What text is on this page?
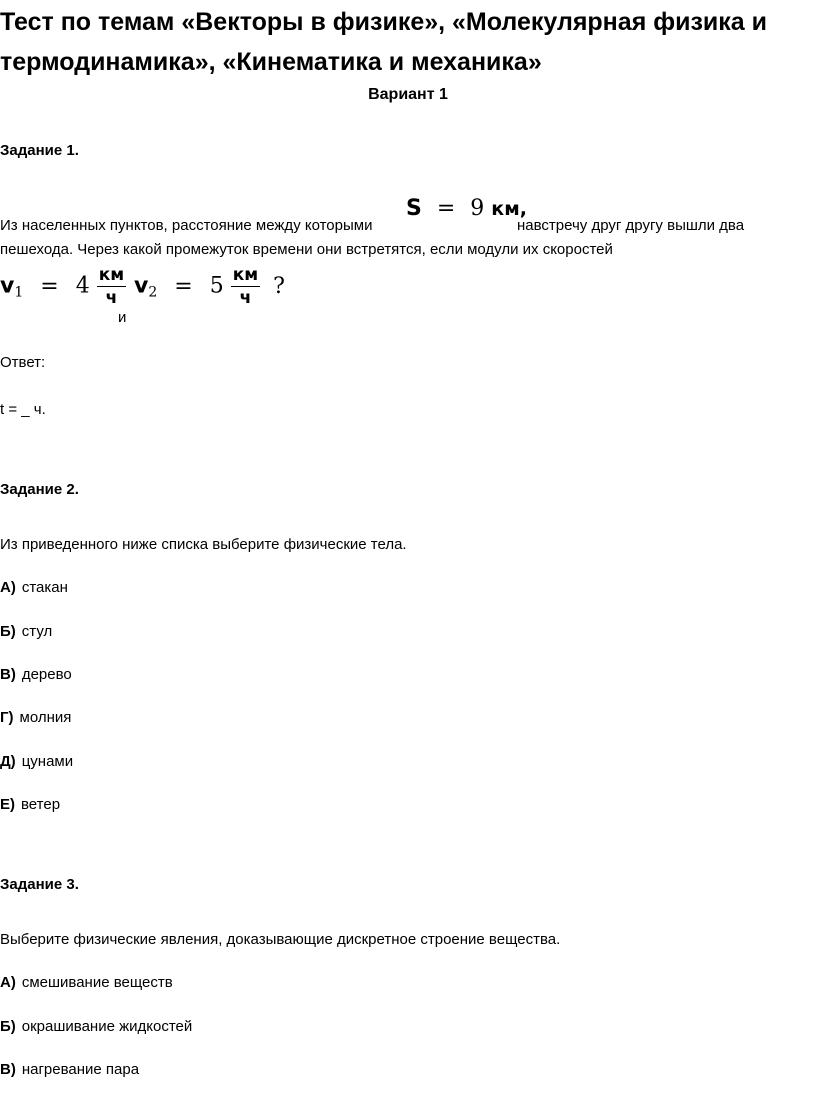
Тест по темам «Векторы в физике», «Молекулярная физика и термодинамика», «Кинематика и механика»
Вариант 1
Задание 1.
Из населенных пунктов, расстояние между которыми
S = 9 км,
навстречу друг другу вышли два
пешехода. Через какой промежуток времени они встретятся, если модули их скоростей
$v_1 = 4 \frac{км}{ч}$
и
$v_2 = 5 \frac{км}{ч}$ ?
Ответ:
t = _ ч.
Задание 2.
Из приведенного ниже списка выберите физические тела.
А) стакан
Б) стул
В) дерево
Г) молния
Д) цунами
Е) ветер
Задание 3.
Выберите физические явления, доказывающие дискретное строение вещества.
А) смешивание веществ
Б) окрашивание жидкостей
В) нагревание пара
